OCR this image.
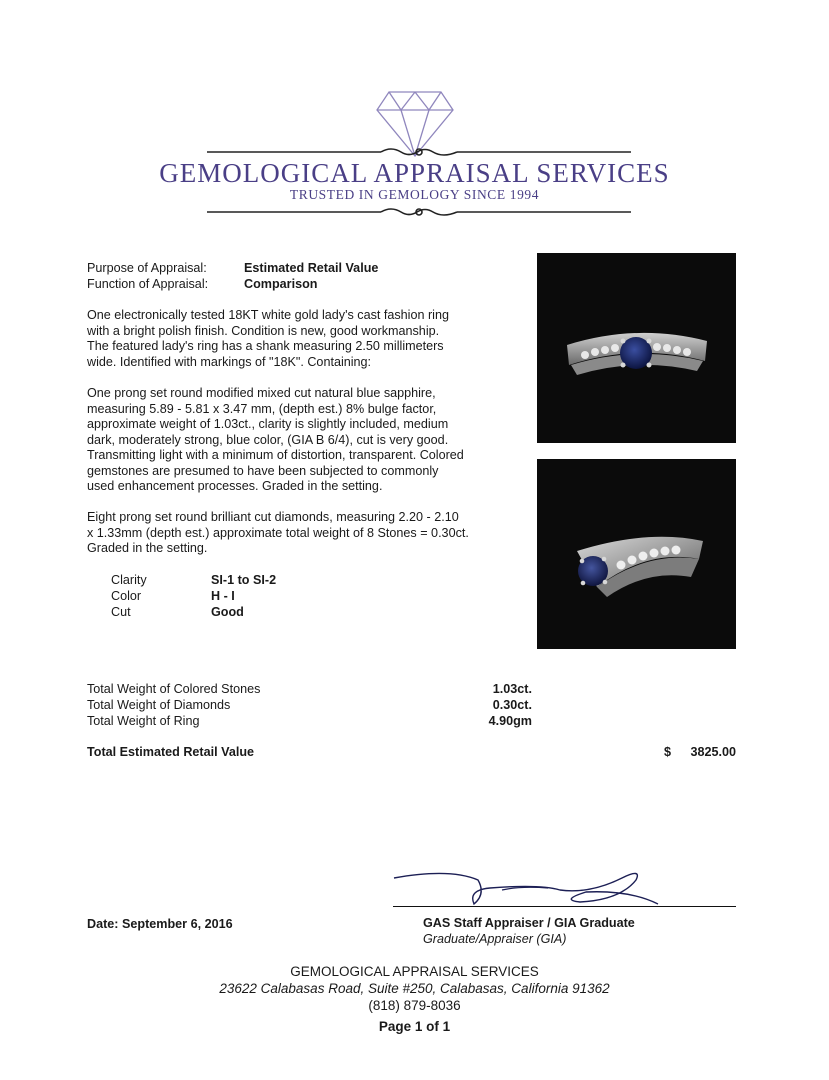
GEMOLOGICAL APPRAISAL SERVICES
TRUSTED IN GEMOLOGY SINCE 1994
Purpose of Appraisal:	Estimated Retail Value
Function of Appraisal:	Comparison
One electronically tested 18KT white gold lady's cast fashion ring
with a bright polish finish. Condition is new, good workmanship.
The featured lady's ring has a shank measuring 2.50 millimeters
wide. Identified with markings of "18K". Containing:
One prong set round modified mixed cut natural blue sapphire,
measuring 5.89 - 5.81 x 3.47 mm, (depth est.) 8% bulge factor,
approximate weight of 1.03ct., clarity is slightly included, medium
dark, moderately strong, blue color, (GIA B 6/4), cut is very good.
Transmitting light with a minimum of distortion, transparent. Colored
gemstones are presumed to have been subjected to commonly
used enhancement processes. Graded in the setting.
Eight prong set round brilliant cut diamonds, measuring 2.20 - 2.10
x 1.33mm (depth est.) approximate total weight of 8 Stones = 0.30ct.
Graded in the setting.
Clarity	SI-1 to SI-2
Color	H - I
Cut	Good
Total Weight of Colored Stones	1.03ct.
Total Weight of Diamonds	0.30ct.
Total Weight of Ring	4.90gm
Total Estimated Retail Value	$	3825.00
Date: September 6, 2016	GAS Staff Appraiser / GIA Graduate
Graduate/Appraiser (GIA)
GEMOLOGICAL APPRAISAL SERVICES
23622 Calabasas Road, Suite #250, Calabasas, California 91362
(818) 879-8036
Page 1 of 1
